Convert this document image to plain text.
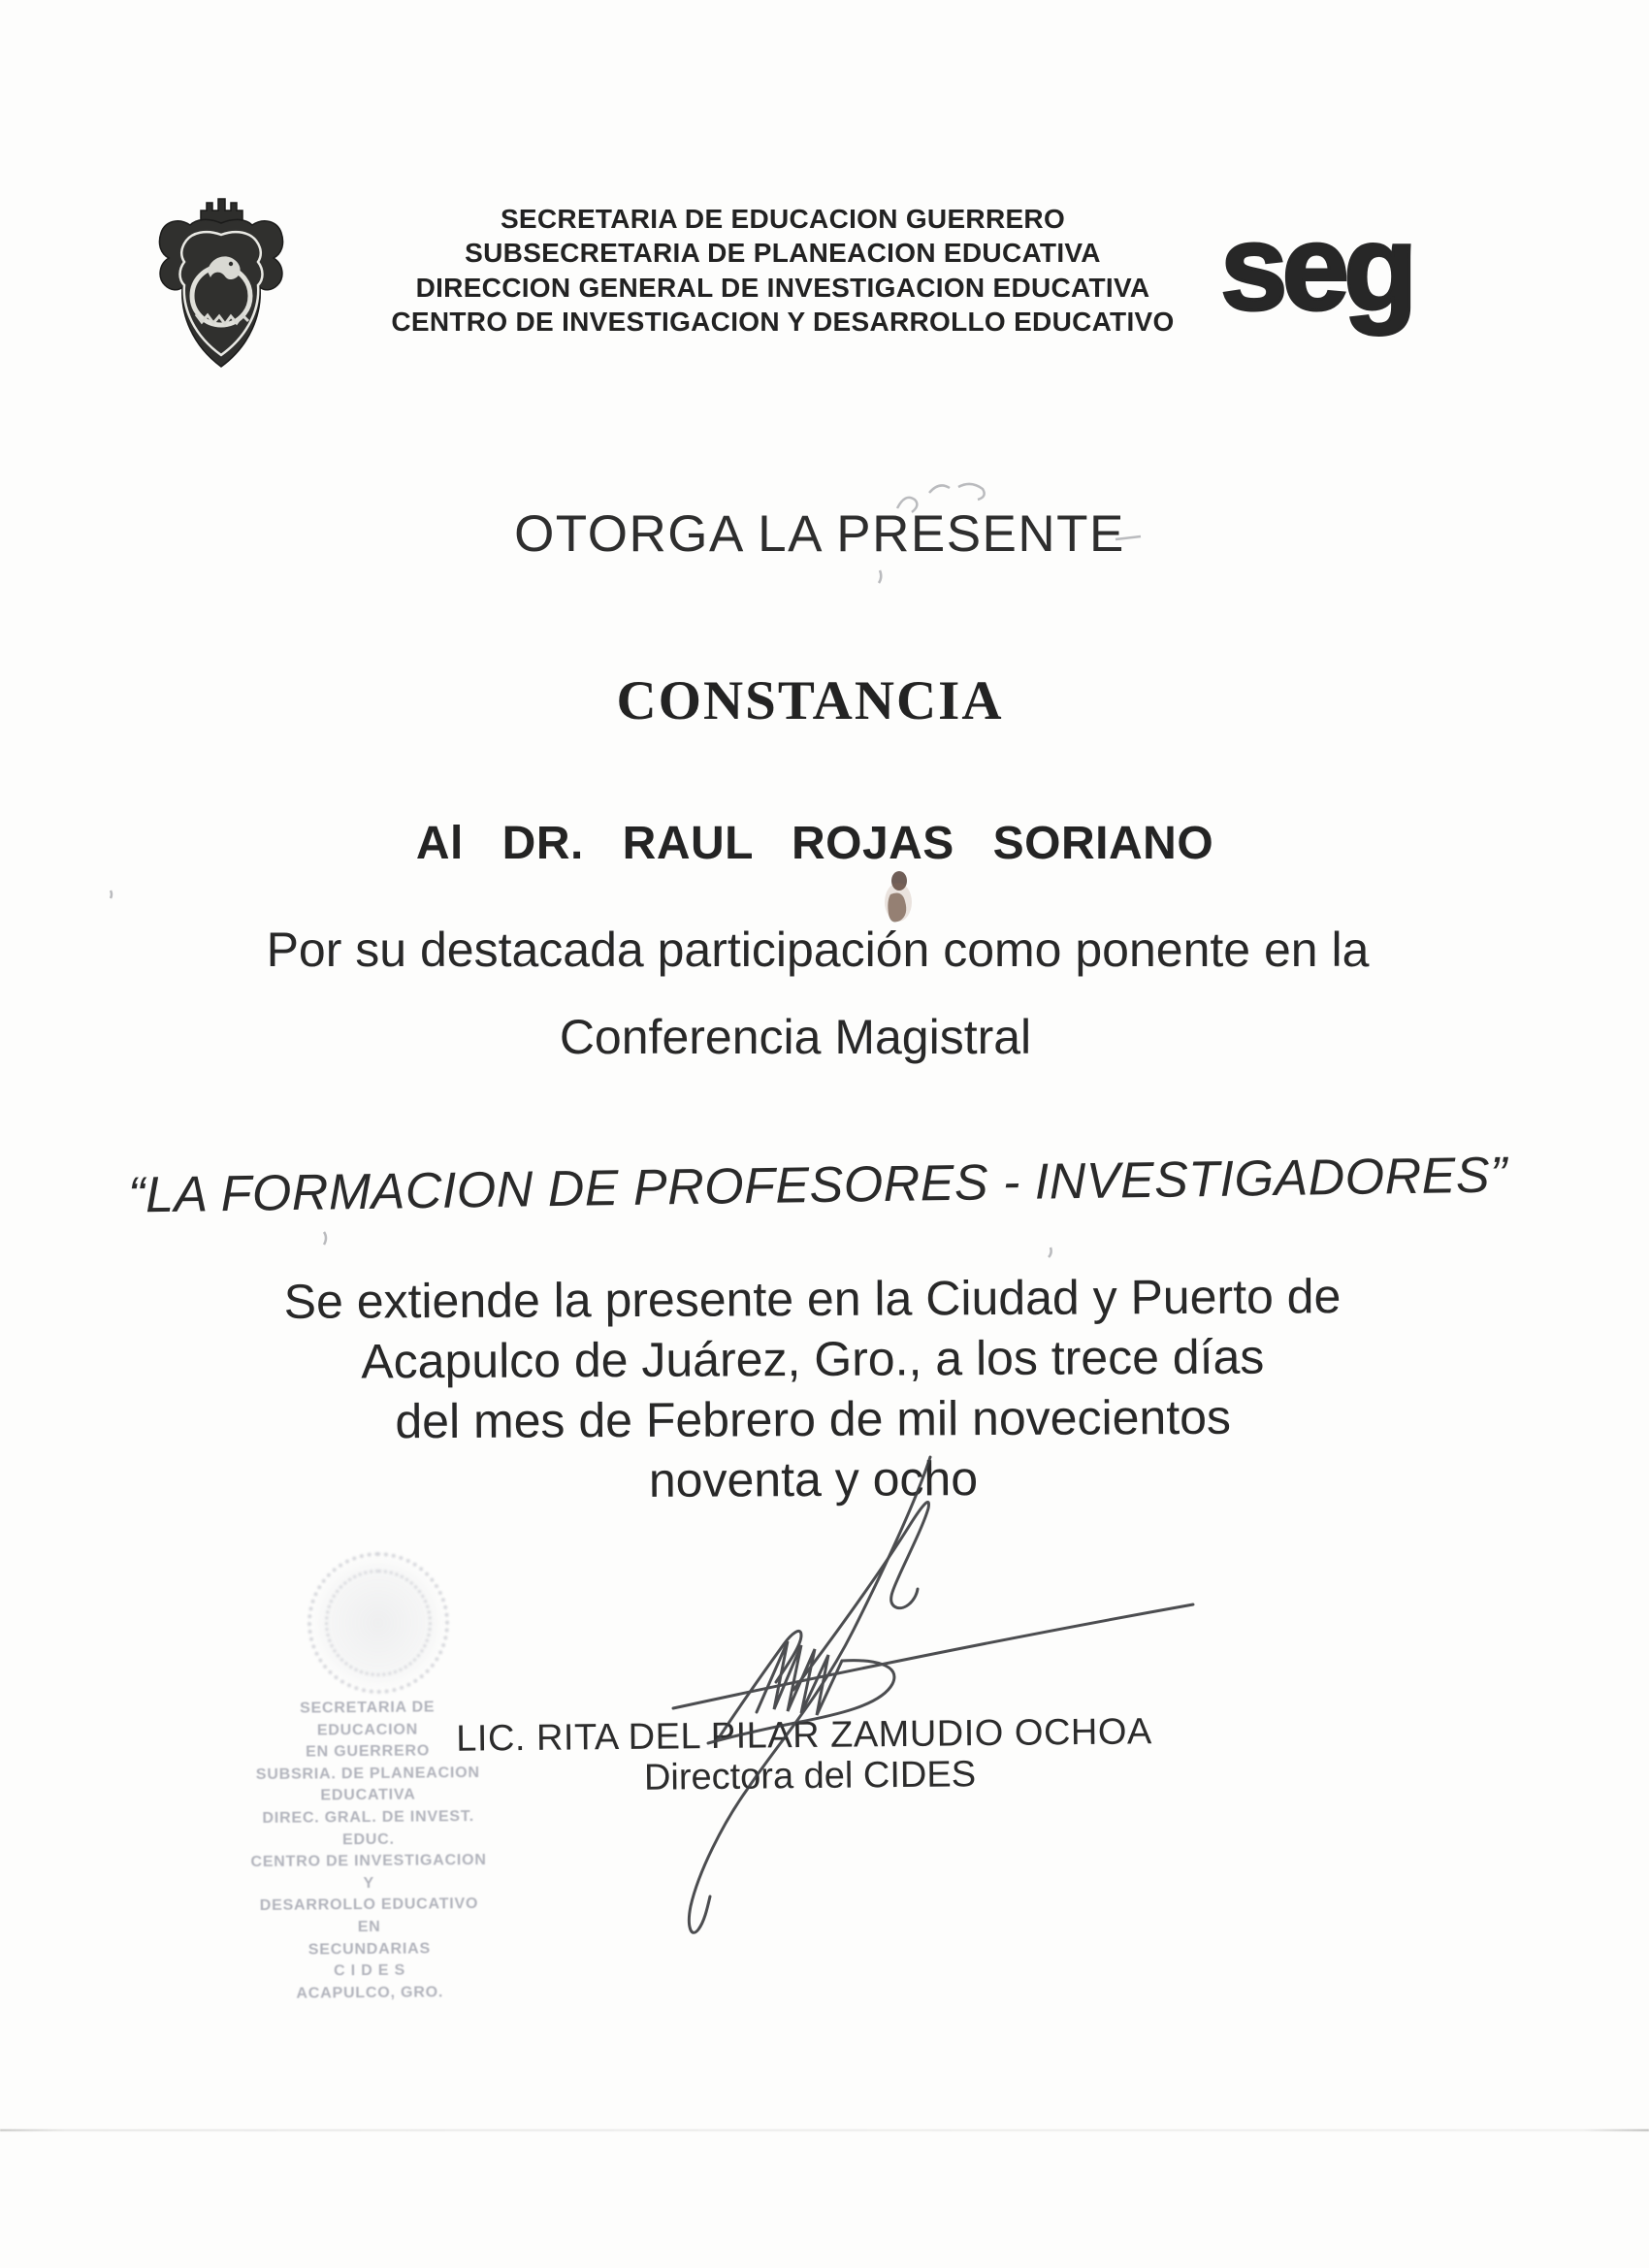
SECRETARIA DE EDUCACION GUERRERO
SUBSECRETARIA DE PLANEACION EDUCATIVA
DIRECCION GENERAL DE INVESTIGACION EDUCATIVA
CENTRO DE INVESTIGACION Y DESARROLLO EDUCATIVO seg
OTORGA LA PRESENTE
CONSTANCIA
Al DR. RAUL ROJAS SORIANO
Por su destacada participación como ponente en la
Conferencia Magistral
“LA FORMACION DE PROFESORES - INVESTIGADORES”
Se extiende la presente en la Ciudad y Puerto de
Acapulco de Juárez, Gro., a los trece días
del mes de Febrero de mil novecientos
noventa y ocho
SECRETARIA DE EDUCACION
EN GUERRERO
SUBSRIA. DE PLANEACION
EDUCATIVA
DIREC. GRAL. DE INVEST. EDUC.
CENTRO DE INVESTIGACION Y
DESARROLLO EDUCATIVO EN
SECUNDARIAS
C I D E S
ACAPULCO, GRO.
LIC. RITA DEL PILAR ZAMUDIO OCHOA
Directora del CIDES
